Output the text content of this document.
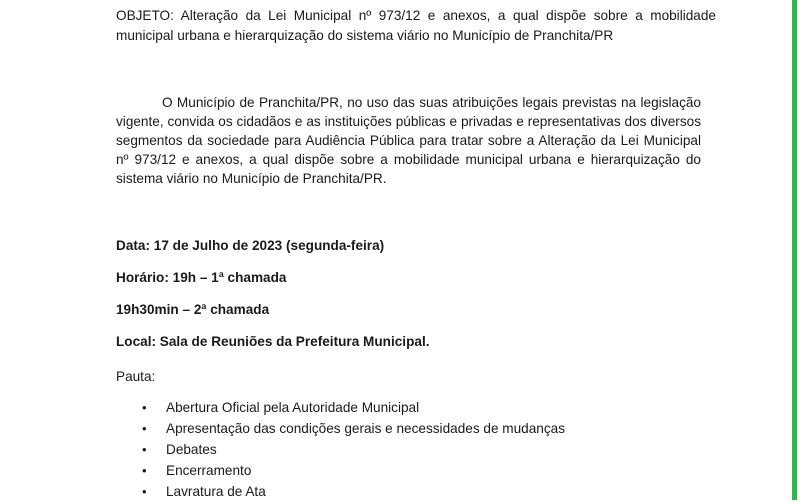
OBJETO: Alteração da Lei Municipal nº 973/12 e anexos, a qual dispõe sobre a mobilidade
municipal urbana e hierarquização do sistema viário no Município de Pranchita/PR
O Município de Pranchita/PR, no uso das suas atribuições legais previstas na legislação
vigente, convida os cidadãos e as instituições públicas e privadas e representativas dos diversos
segmentos da sociedade para Audiência Pública para tratar sobre a Alteração da Lei Municipal
nº 973/12 e anexos, a qual dispõe sobre a mobilidade municipal urbana e hierarquização do
sistema viário no Município de Pranchita/PR.
Data: 17 de Julho de 2023 (segunda-feira)
Horário: 19h – 1ª chamada
19h30min – 2ª chamada
Local: Sala de Reuniões da Prefeitura Municipal.
Pauta:
• Abertura Oficial pela Autoridade Municipal
• Apresentação das condições gerais e necessidades de mudanças
• Debates
• Encerramento
• Lavratura de Ata
